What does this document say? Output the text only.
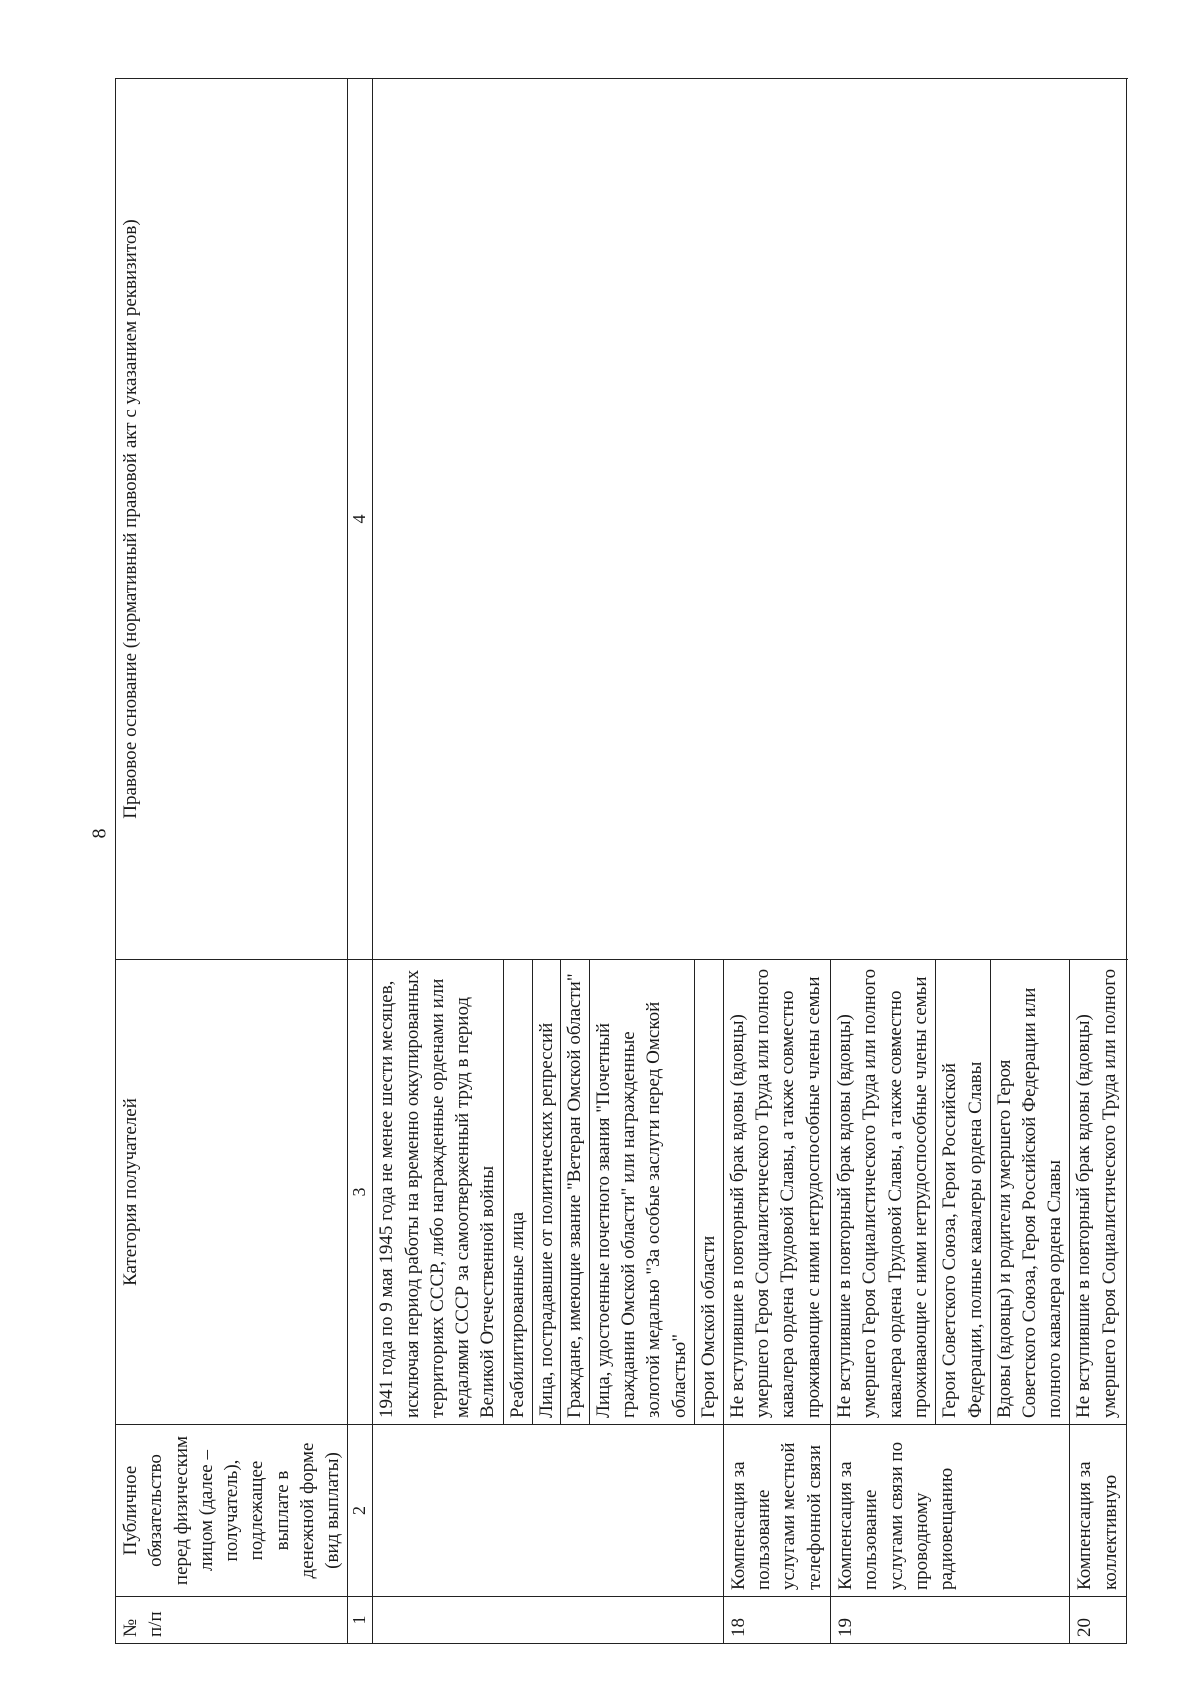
8
№ п/п	Публичное обязательство перед физическим лицом (далее – получатель), подлежащее выплате в денежной форме (вид выплаты)	Категория получателей	Правовое основание (нормативный правовой акт с указанием реквизитов)
1	2	3	4
		1941 года по 9 мая 1945 года не менее шести месяцев, исключая период работы на временно оккупированных территориях СССР, либо награжденные орденами или медалями СССР за самоотверженный труд в период Великой Отечественной войны	
		Реабилитированные лица	
		Лица, пострадавшие от политических репрессий	
		Граждане, имеющие звание "Ветеран Омской области"	
		Лица, удостоенные почетного звания "Почетный гражданин Омской области" или награжденные золотой медалью "За особые заслуги перед Омской областью"	
		Герои Омской области	
18	Компенсация за пользование услугами местной телефонной связи	Не вступившие в повторный брак вдовы (вдовцы) умершего Героя Социалистического Труда или полного кавалера ордена Трудовой Славы, а также совместно проживающие с ними нетрудоспособные члены семьи	
19	Компенсация за пользование услугами связи по проводному радиовещанию	Не вступившие в повторный брак вдовы (вдовцы) умершего Героя Социалистического Труда или полного кавалера ордена Трудовой Славы, а также совместно проживающие с ними нетрудоспособные члены семьи	
		Герои Советского Союза, Герои Российской Федерации, полные кавалеры ордена Славы	
		Вдовы (вдовцы) и родители умершего Героя Советского Союза, Героя Российской Федерации или полного кавалера ордена Славы	
20	Компенсация за коллективную	Не вступившие в повторный брак вдовы (вдовцы) умершего Героя Социалистического Труда или полного	
